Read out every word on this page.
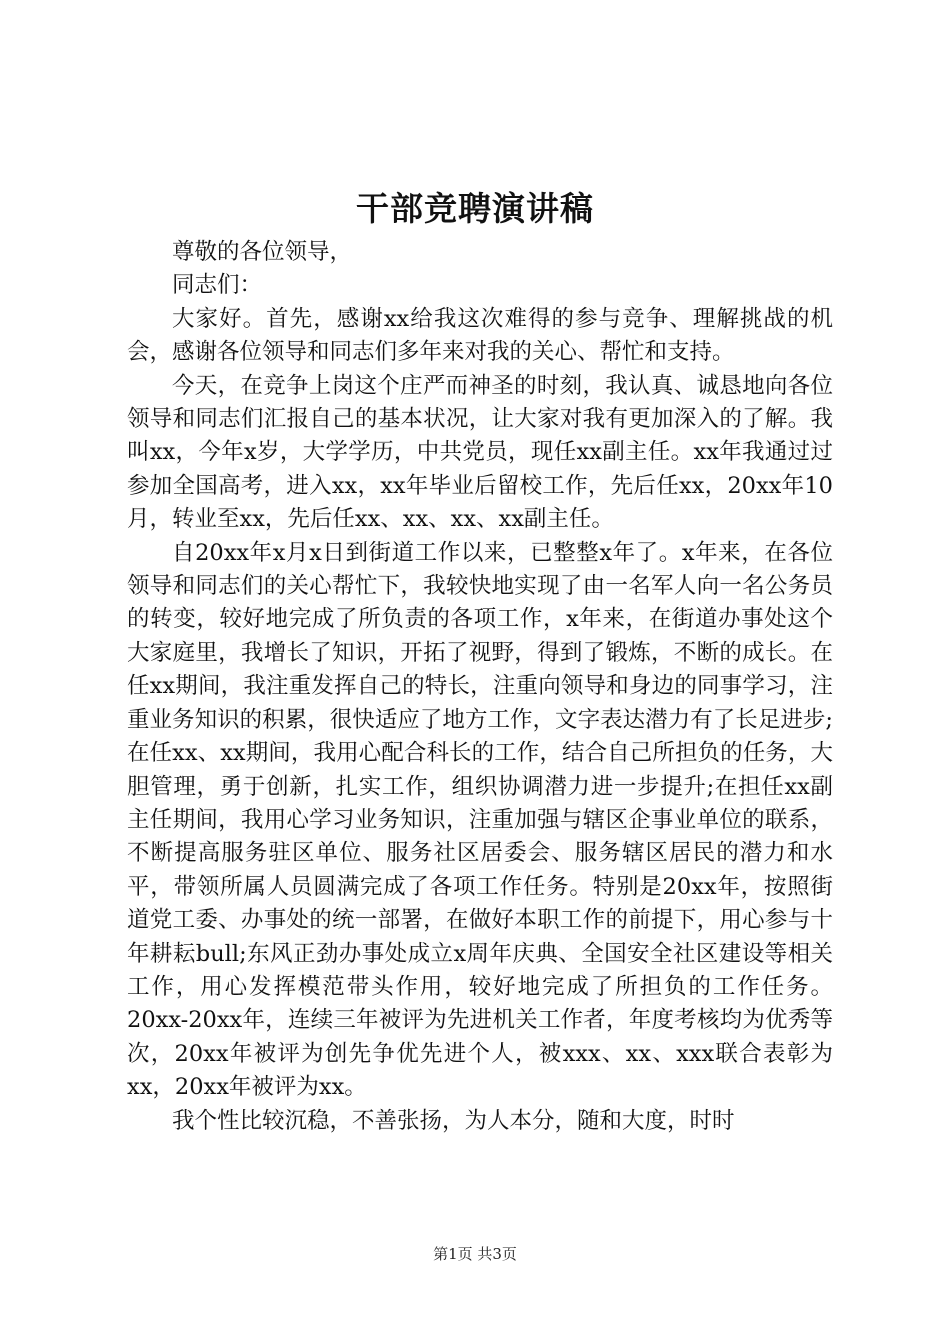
干部竞聘演讲稿

尊敬的各位领导，

同志们：

大家好。首先，感谢xx给我这次难得的参与竞争、理解挑战的机会，感谢各位领导和同志们多年来对我的关心、帮忙和支持。

今天，在竞争上岗这个庄严而神圣的时刻，我认真、诚恳地向各位领导和同志们汇报自己的基本状况，让大家对我有更加深入的了解。我叫xx，今年x岁，大学学历，中共党员，现任xx副主任。xx年我通过过参加全国高考，进入xx，xx年毕业后留校工作，先后任xx，20xx年10月，转业至xx，先后任xx、xx、xx、xx副主任。

自20xx年x月x日到街道工作以来，已整整x年了。x年来，在各位领导和同志们的关心帮忙下，我较快地实现了由一名军人向一名公务员的转变，较好地完成了所负责的各项工作，x年来，在街道办事处这个大家庭里，我增长了知识，开拓了视野，得到了锻炼，不断的成长。在任xx期间，我注重发挥自己的特长，注重向领导和身边的同事学习，注重业务知识的积累，很快适应了地方工作，文字表达潜力有了长足进步;在任xx、xx期间，我用心配合科长的工作，结合自己所担负的任务，大胆管理，勇于创新，扎实工作，组织协调潜力进一步提升;在担任xx副主任期间，我用心学习业务知识，注重加强与辖区企事业单位的联系，不断提高服务驻区单位、服务社区居委会、服务辖区居民的潜力和水平，带领所属人员圆满完成了各项工作任务。特别是20xx年，按照街道党工委、办事处的统一部署，在做好本职工作的前提下，用心参与十年耕耘bull;东风正劲办事处成立x周年庆典、全国安全社区建设等相关工作，用心发挥模范带头作用，较好地完成了所担负的工作任务。20xx-20xx年，连续三年被评为先进机关工作者，年度考核均为优秀等次，20xx年被评为创先争优先进个人，被xxx、xx、xxx联合表彰为xx，20xx年被评为xx。

我个性比较沉稳，不善张扬，为人本分，随和大度，时时

第1页 共3页
